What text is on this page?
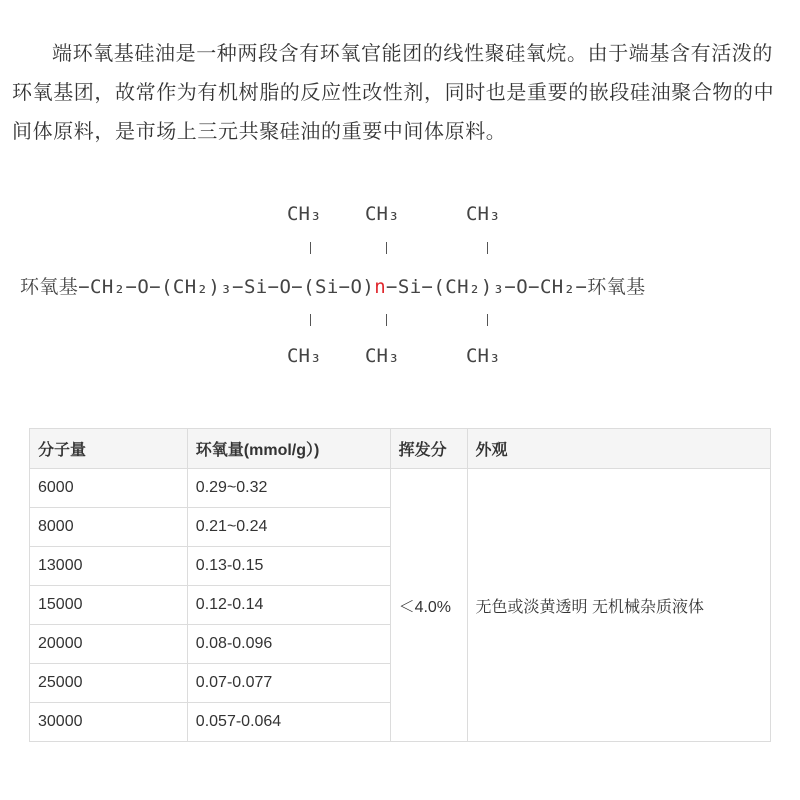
端环氧基硅油是一种两段含有环氧官能团的线性聚硅氧烷。由于端基含有活泼的环氧基团，故常作为有机树脂的反应性改性剂，同时也是重要的嵌段硅油聚合物的中间体原料，是市场上三元共聚硅油的重要中间体原料。

CH₃ CH₃	CH₃
环氧基−CH₂−O−(CH₂)₃−Si−O−(Si−O)n−Si−(CH₂)₃−O−CH₂−环氧基
CH₃ CH₃	CH₃
分子量	环氧量(mmol/g）)	挥发分	外观
6000	0.29~0.32	＜4.0%	无色或淡黄透明 无机械杂质液体
8000	0.21~0.24		
13000	0.13-0.15		
15000	0.12-0.14		
20000	0.08-0.096		
25000	0.07-0.077		
30000	0.057-0.064		
